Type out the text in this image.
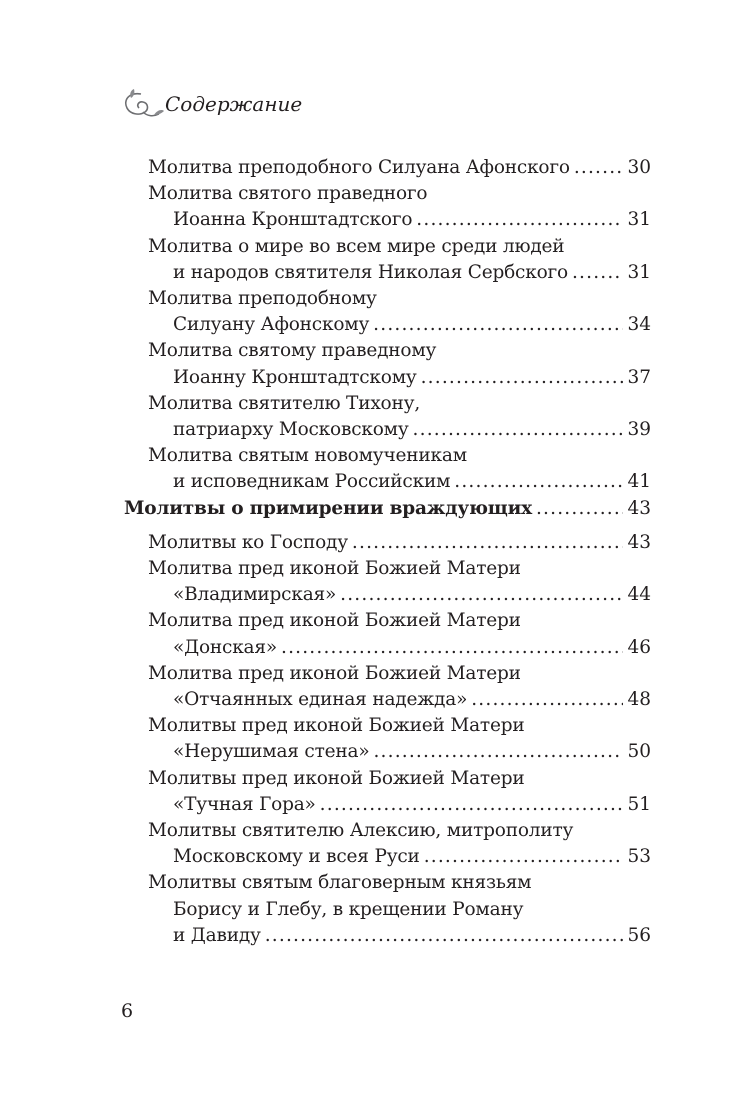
Содержание
Молитва преподобного Силуана Афонского .....	30
Молитва святого праведного
Иоанна Кронштадтского .....	31
Молитва о мире во всем мире среди людей
и народов святителя Николая Сербского .....	31
Молитва преподобному
Силуану Афонскому .....	34
Молитва святому праведному
Иоанну Кронштадтскому .....	37
Молитва святителю Тихону,
патриарху Московскому .....	39
Молитва святым новомученикам
и исповедникам Российским .....	41
Молитвы о примирении враждующих .....	43
Молитвы ко Господу .....	43
Молитва пред иконой Божией Матери
«Владимирская» .....	44
Молитва пред иконой Божией Матери
«Донская» .....	46
Молитва пред иконой Божией Матери
«Отчаянных единая надежда» .....	48
Молитвы пред иконой Божией Матери
«Нерушимая стена» .....	50
Молитвы пред иконой Божией Матери
«Тучная Гора» .....	51
Молитвы святителю Алексию, митрополиту
Московскому и всея Руси .....	53
Молитвы святым благоверным князьям
Борису и Глебу, в крещении Роману
и Давиду .....	56
6
